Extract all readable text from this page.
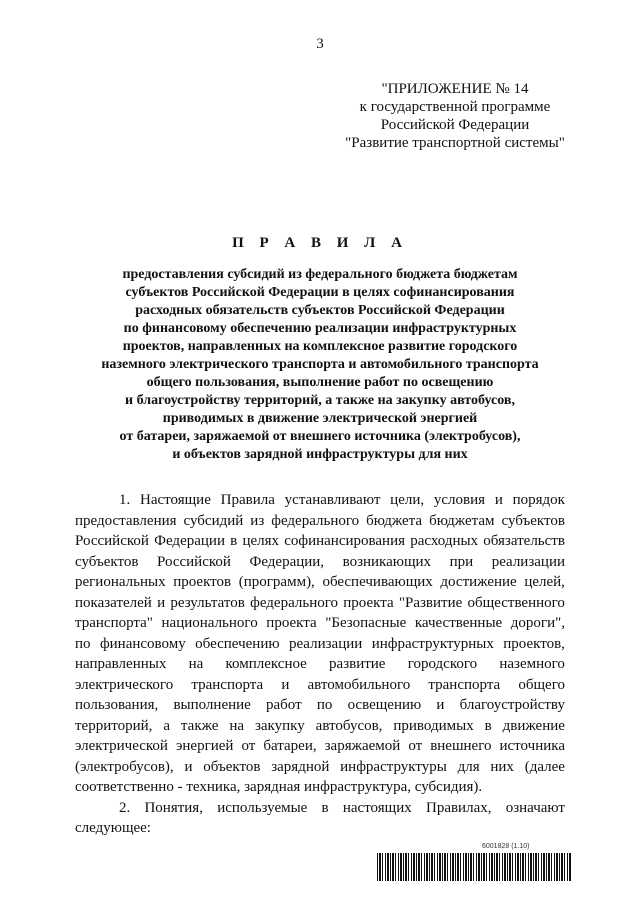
3
"ПРИЛОЖЕНИЕ № 14
к государственной программе
Российской Федерации
"Развитие транспортной системы"
П Р А В И Л А
предоставления субсидий из федерального бюджета бюджетам
субъектов Российской Федерации в целях софинансирования
расходных обязательств субъектов Российской Федерации
по финансовому обеспечению реализации инфраструктурных
проектов, направленных на комплексное развитие городского
наземного электрического транспорта и автомобильного транспорта
общего пользования, выполнение работ по освещению
и благоустройству территорий, а также на закупку автобусов,
приводимых в движение электрической энергией
от батареи, заряжаемой от внешнего источника (электробусов),
и объектов зарядной инфраструктуры для них
1. Настоящие Правила устанавливают цели, условия и порядок
предоставления субсидий из федерального бюджета бюджетам субъектов
Российской Федерации в целях софинансирования расходных обязательств
субъектов Российской Федерации, возникающих при реализации
региональных проектов (программ), обеспечивающих достижение целей,
показателей и результатов федерального проекта "Развитие общественного
транспорта" национального проекта "Безопасные качественные дороги",
по финансовому обеспечению реализации инфраструктурных проектов,
направленных на комплексное развитие городского наземного
электрического транспорта и автомобильного транспорта общего
пользования, выполнение работ по освещению и благоустройству
территорий, а также на закупку автобусов, приводимых в движение
электрической энергией от батареи, заряжаемой от внешнего источника
(электробусов), и объектов зарядной инфраструктуры для них (далее
соответственно - техника, зарядная инфраструктура, субсидия).
2. Понятия, используемые в настоящих Правилах, означают
следующее:
6001828 (1.10)
